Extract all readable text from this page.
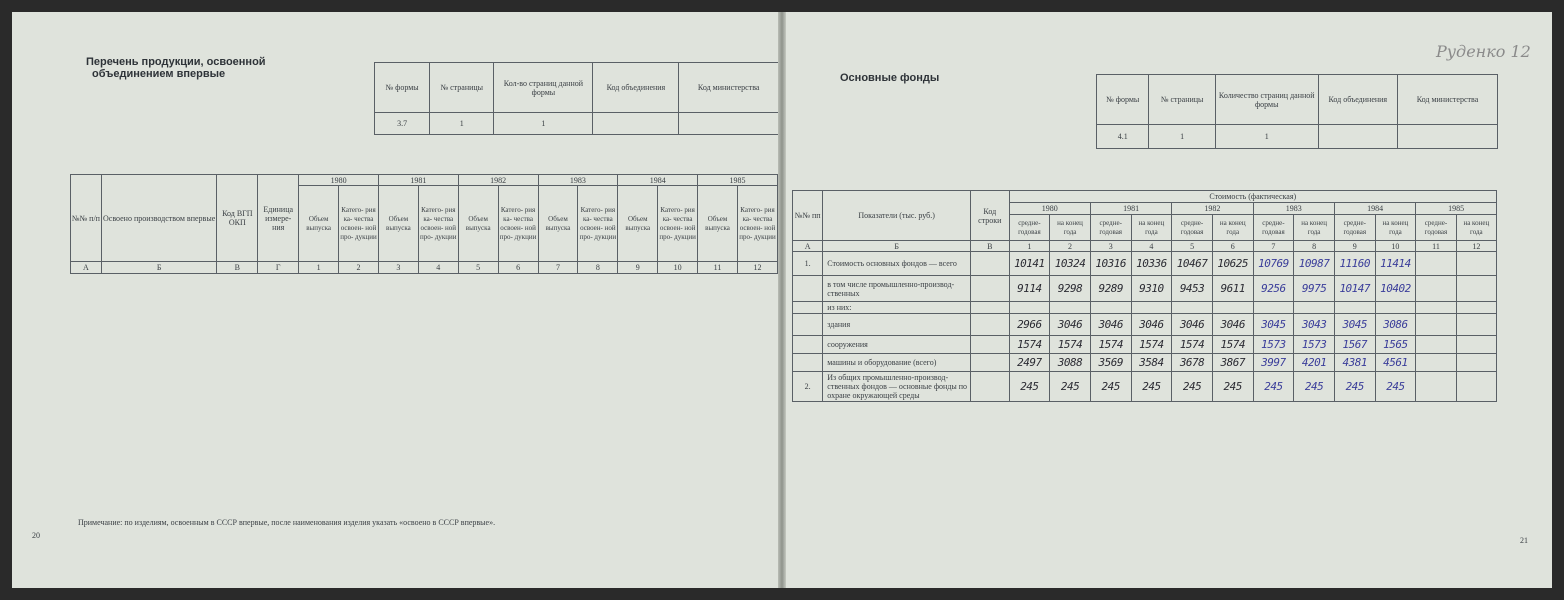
Перечень продукции, освоенной
объединением впервые
№ формы	№ страницы	Кол-во страниц данной формы	Код объединения	Код министерства
3.7	1	1		
№№ п/п	Освоено производством впервые	Код ВГП ОКП	Единица измере- ния	1980		1981		1982		1983		1984		1985	
				Объем выпуска	Катего- рия ка- чества освоен- ной про- дукции	Объем выпуска	Катего- рия ка- чества освоен- ной про- дукции	Объем выпуска	Катего- рия ка- чества освоен- ной про- дукции	Объем выпуска	Катего- рия ка- чества освоен- ной про- дукции	Объем выпуска	Катего- рия ка- чества освоен- ной про- дукции	Объем выпуска	Катего- рия ка- чества освоен- ной про- дукции
А	Б	В	Г	1	2	3	4	5	6	7	8	9	10	11	12
Примечание: по изделиям, освоенным в СССР впервые, после наименования изделия указать «освоено в СССР впервые».
20
Основные фонды
Руденко 12
№ формы	№ страницы	Количество страниц данной формы	Код объединения	Код министерства
4.1	1	1		
№№ пп	Показатели (тыс. руб.)	Код строки	Стоимость (фактическая)											
			1980		1981		1982		1983		1984		1985	
			средне- годовая	на конец года	средне- годовая	на конец года	средне- годовая	на конец года	средне- годовая	на конец года	средне- годовая	на конец года	средне- годовая	на конец года
А	Б	В	1	2	3	4	5	6	7	8	9	10	11	12
1.	Стоимость основных фондов — всего		10141	10324	10316	10336	10467	10625	10769	10987	11160	11414		
	в том числе промышленно-производ- ственных		9114	9298	9289	9310	9453	9611	9256	9975	10147	10402		
	из них:													
	здания		2966	3046	3046	3046	3046	3046	3045	3043	3045	3086		
	сооружения		1574	1574	1574	1574	1574	1574	1573	1573	1567	1565		
	машины и оборудование (всего)		2497	3088	3569	3584	3678	3867	3997	4201	4381	4561		
2.	Из общих промышленно-производ- ственных фондов — основные фонды по охране окружающей среды		245	245	245	245	245	245	245	245	245	245		
21
